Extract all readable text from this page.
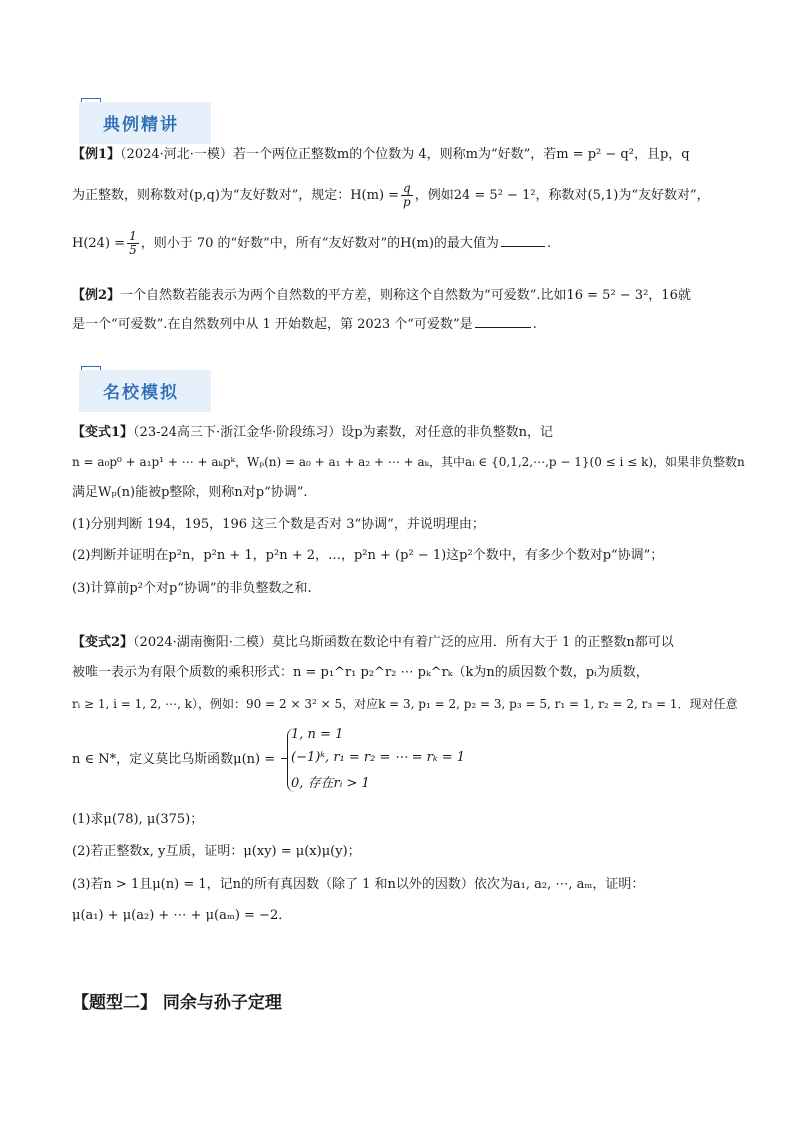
典例精讲
【例1】（2024·河北·一模）若一个两位正整数m的个位数为 4，则称m为“好数”，若m = p² − q²，且p，q
为正整数，则称数对(p,q)为“友好数对”，规定：$H(m) = \frac{q}{p}$ ，例如24 = 5² − 1²，称数对(5,1)为“友好数对”，
$H(24) = \frac{1}{5}$ ，则小于 70 的“好数”中，所有“友好数对”的H(m)的最大值为	.
【例2】一个自然数若能表示为两个自然数的平方差，则称这个自然数为“可爱数”.比如16 = 5² − 3²，16就
是一个“可爱数”.在自然数列中从 1 开始数起，第 2023 个“可爱数”是	.
名校模拟
【变式1】（23-24高三下·浙江金华·阶段练习）设p为素数，对任意的非负整数n，记
n = a₀p⁰ + a₁p¹ + ⋯ + aₖpᵏ，Wₚ(n) = a₀ + a₁ + a₂ + ⋯ + aₖ，其中aᵢ ∈ {0,1,2,⋯,p − 1}(0 ≤ i ≤ k)，如果非负整数n
满足Wₚ(n)能被p整除，则称n对p“协调”.
(1)分别判断 194，195，196 这三个数是否对 3“协调”，并说明理由；
(2)判断并证明在p²n，p²n + 1，p²n + 2，…，p²n + (p² − 1)这p²个数中，有多少个数对p“协调”；
(3)计算前p²个对p“协调”的非负整数之和.
【变式2】（2024·湖南衡阳·二模）莫比乌斯函数在数论中有着广泛的应用．所有大于 1 的正整数n都可以
被唯一表示为有限个质数的乘积形式：n = p₁^r₁ p₂^r₂ ⋯ pₖ^rₖ（k为n的质因数个数，pᵢ为质数，
rᵢ ≥ 1, i = 1, 2, ⋯, k），例如：90 = 2 × 3² × 5，对应k = 3, p₁ = 2, p₂ = 3, p₃ = 5, r₁ = 1, r₂ = 2, r₃ = 1．现对任意
n ∈ N*，定义莫比乌斯函数μ(n) =
1, n = 1
(−1)ᵏ, r₁ = r₂ = ⋯ = rₖ = 1
0, 存在rᵢ > 1
(1)求μ(78), μ(375)；
(2)若正整数x, y互质，证明：μ(xy) = μ(x)μ(y)；
(3)若n > 1且μ(n) = 1，记n的所有真因数（除了 1 和n以外的因数）依次为a₁, a₂, ⋯, aₘ，证明：
μ(a₁) + μ(a₂) + ⋯ + μ(aₘ) = −2．
【题型二】 同余与孙子定理
